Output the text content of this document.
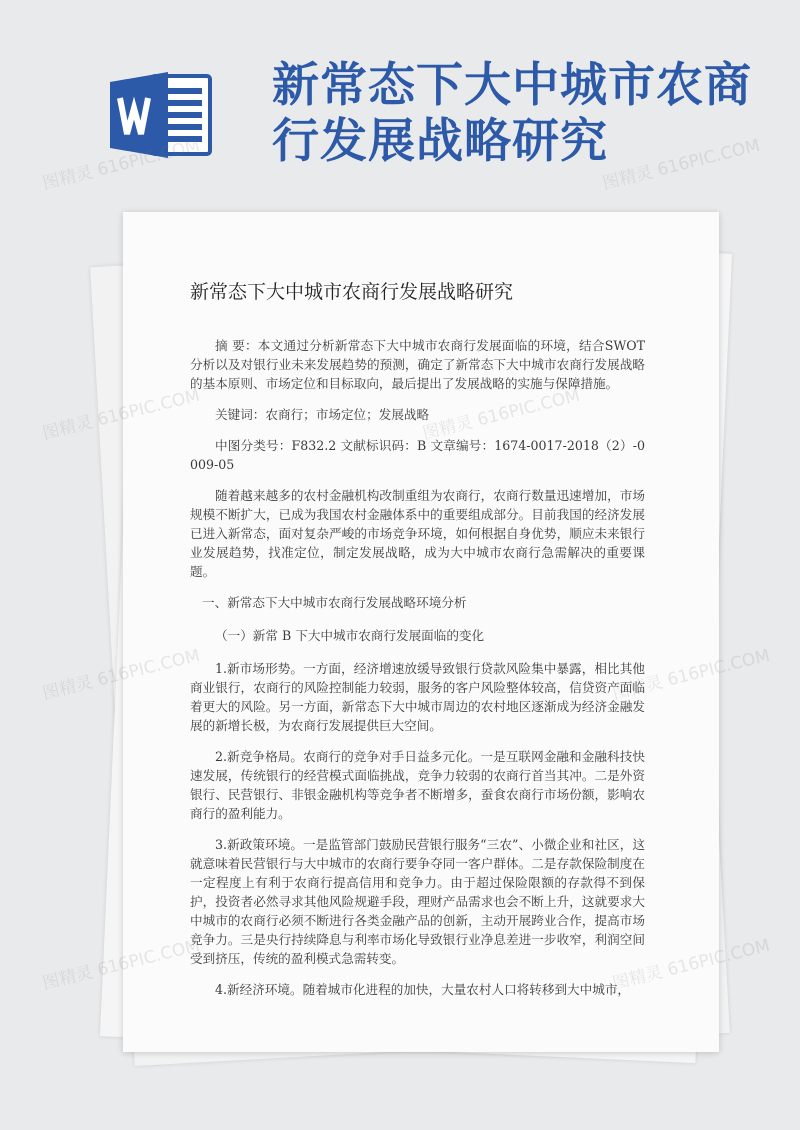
新常态下大中城市农商行发展战略研究
新常态下大中城市农商行发展战略研究

摘 要：本文通过分析新常态下大中城市农商行发展面临的环境，结合SWOT分析以及对银行业未来发展趋势的预测，确定了新常态下大中城市农商行发展战略的基本原则、市场定位和目标取向，最后提出了发展战略的实施与保障措施。

关键词：农商行；市场定位；发展战略

中图分类号：F832.2 文献标识码：B 文章编号：1674-0017-2018（2）-0009-05

随着越来越多的农村金融机构改制重组为农商行，农商行数量迅速增加，市场规模不断扩大，已成为我国农村金融体系中的重要组成部分。目前我国的经济发展已进入新常态，面对复杂严峻的市场竞争环境，如何根据自身优势，顺应未来银行业发展趋势，找准定位，制定发展战略，成为大中城市农商行急需解决的重要课题。

一、新常态下大中城市农商行发展战略环境分析
（一）新常 B 下大中城市农商行发展面临的变化

1.新市场形势。一方面，经济增速放缓导致银行贷款风险集中暴露，相比其他商业银行，农商行的风险控制能力较弱，服务的客户风险整体较高，信贷资产面临着更大的风险。另一方面，新常态下大中城市周边的农村地区逐渐成为经济金融发展的新增长极，为农商行发展提供巨大空间。

2.新竞争格局。农商行的竞争对手日益多元化。一是互联网金融和金融科技快速发展，传统银行的经营模式面临挑战，竞争力较弱的农商行首当其冲。二是外资银行、民营银行、非银金融机构等竞争者不断增多，蚕食农商行市场份额，影响农商行的盈利能力。

3.新政策环境。一是监管部门鼓励民营银行服务“三农”、小微企业和社区，这就意味着民营银行与大中城市的农商行要争夺同一客户群体。二是存款保险制度在一定程度上有利于农商行提高信用和竞争力。由于超过保险限额的存款得不到保护，投资者必然寻求其他风险规避手段，理财产品需求也会不断上升，这就要求大中城市的农商行必须不断进行各类金融产品的创新，主动开展跨业合作，提高市场竞争力。三是央行持续降息与利率市场化导致银行业净息差进一步收窄，利润空间受到挤压，传统的盈利模式急需转变。

4.新经济环境。随着城市化进程的加快，大量农村人口将转移到大中城市，

图精灵 616PIC.COM	图精灵 616PIC.COM
图精灵
图精灵
图精灵
